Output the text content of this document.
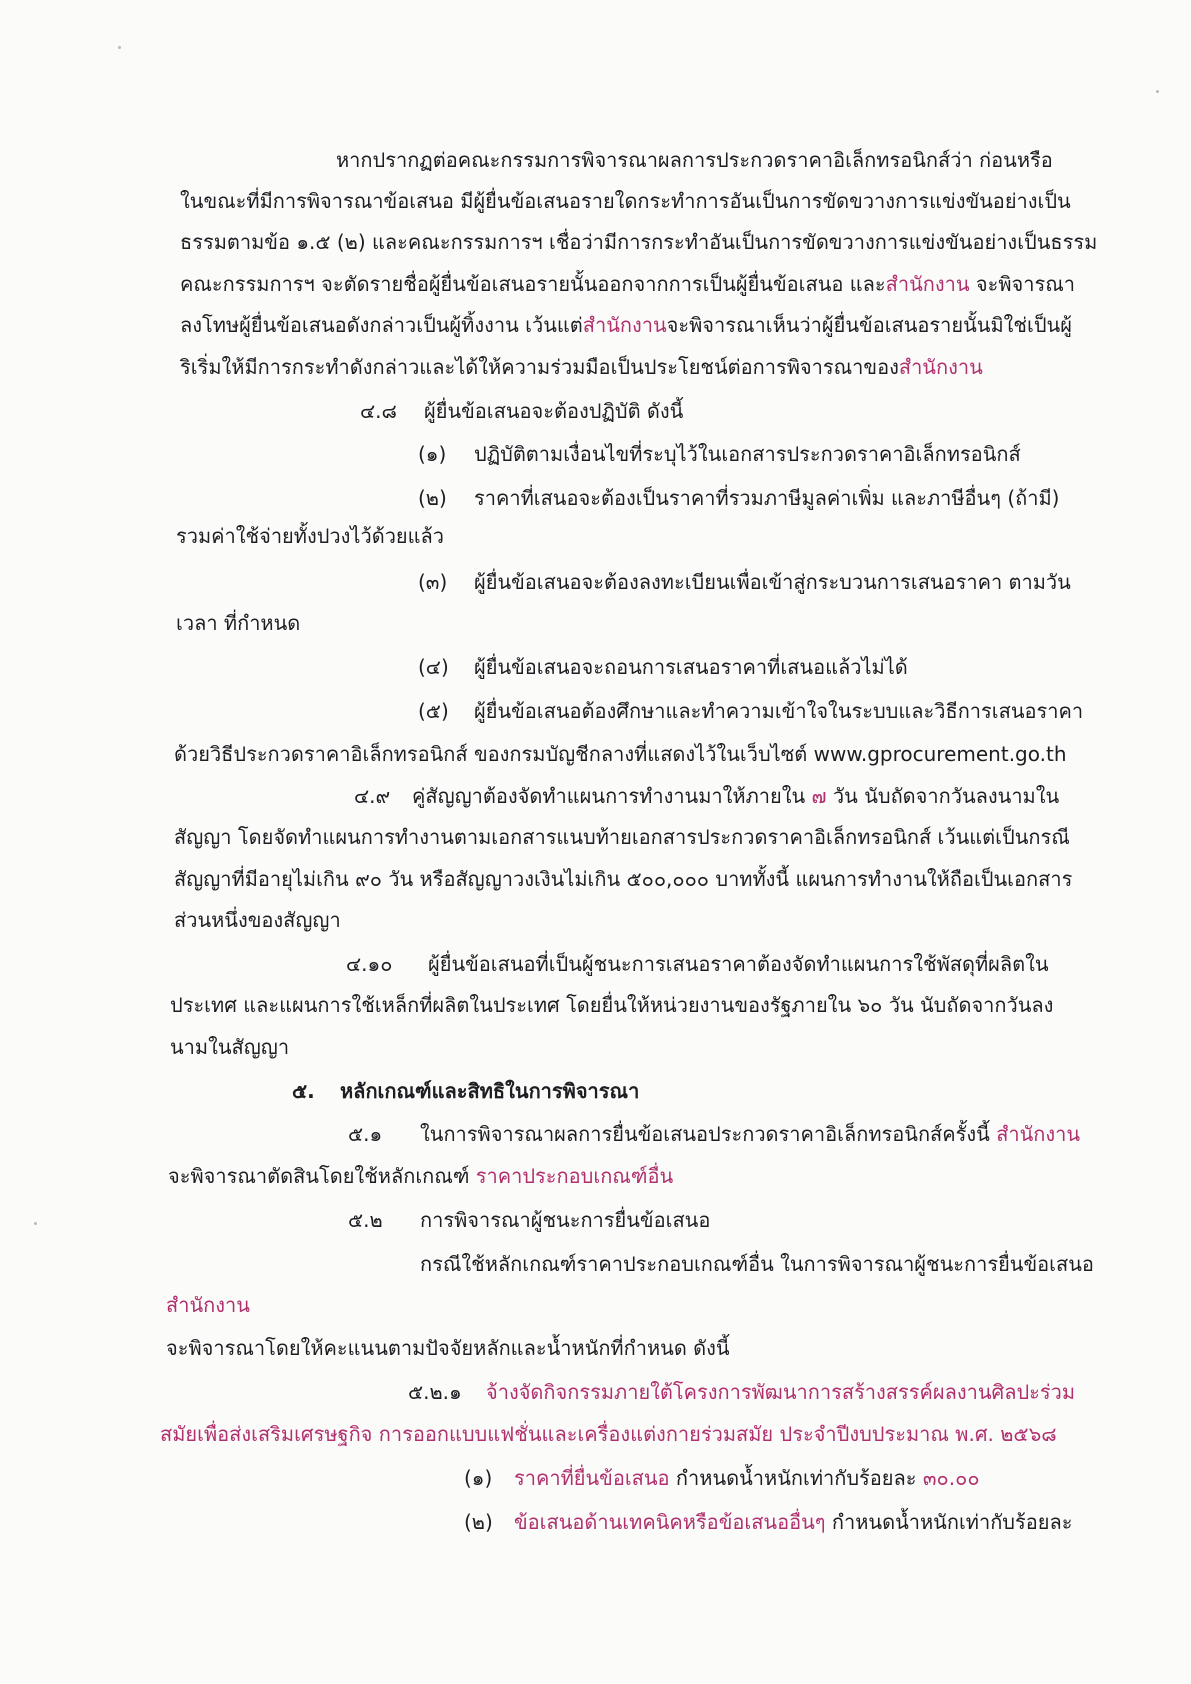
หากปรากฏต่อคณะกรรมการพิจารณาผลการประกวดราคาอิเล็กทรอนิกส์ว่า ก่อนหรือ

ในขณะที่มีการพิจารณาข้อเสนอ มีผู้ยื่นข้อเสนอรายใดกระทำการอันเป็นการขัดขวางการแข่งขันอย่างเป็น

ธรรมตามข้อ ๑.๕ (๒) และคณะกรรมการฯ เชื่อว่ามีการกระทำอันเป็นการขัดขวางการแข่งขันอย่างเป็นธรรม

คณะกรรมการฯ จะตัดรายชื่อผู้ยื่นข้อเสนอรายนั้นออกจากการเป็นผู้ยื่นข้อเสนอ และสำนักงาน จะพิจารณา

ลงโทษผู้ยื่นข้อเสนอดังกล่าวเป็นผู้ทิ้งงาน เว้นแต่สำนักงานจะพิจารณาเห็นว่าผู้ยื่นข้อเสนอรายนั้นมิใช่เป็นผู้

ริเริ่มให้มีการกระทำดังกล่าวและได้ให้ความร่วมมือเป็นประโยชน์ต่อการพิจารณาของสำนักงาน

๔.๘ ผู้ยื่นข้อเสนอจะต้องปฏิบัติ ดังนี้

(๑) ปฏิบัติตามเงื่อนไขที่ระบุไว้ในเอกสารประกวดราคาอิเล็กทรอนิกส์

(๒) ราคาที่เสนอจะต้องเป็นราคาที่รวมภาษีมูลค่าเพิ่ม และภาษีอื่นๆ (ถ้ามี)

รวมค่าใช้จ่ายทั้งปวงไว้ด้วยแล้ว

(๓) ผู้ยื่นข้อเสนอจะต้องลงทะเบียนเพื่อเข้าสู่กระบวนการเสนอราคา ตามวัน

เวลา ที่กำหนด

(๔) ผู้ยื่นข้อเสนอจะถอนการเสนอราคาที่เสนอแล้วไม่ได้

(๕) ผู้ยื่นข้อเสนอต้องศึกษาและทำความเข้าใจในระบบและวิธีการเสนอราคา

ด้วยวิธีประกวดราคาอิเล็กทรอนิกส์ ของกรมบัญชีกลางที่แสดงไว้ในเว็บไซต์ www.gprocurement.go.th

๔.๙ คู่สัญญาต้องจัดทำแผนการทำงานมาให้ภายใน ๗ วัน นับถัดจากวันลงนามใน

สัญญา โดยจัดทำแผนการทำงานตามเอกสารแนบท้ายเอกสารประกวดราคาอิเล็กทรอนิกส์ เว้นแต่เป็นกรณี

สัญญาที่มีอายุไม่เกิน ๙๐ วัน หรือสัญญาวงเงินไม่เกิน ๕๐๐,๐๐๐ บาททั้งนี้ แผนการทำงานให้ถือเป็นเอกสาร

ส่วนหนึ่งของสัญญา

๔.๑๐ ผู้ยื่นข้อเสนอที่เป็นผู้ชนะการเสนอราคาต้องจัดทำแผนการใช้พัสดุที่ผลิตใน

ประเทศ และแผนการใช้เหล็กที่ผลิตในประเทศ โดยยื่นให้หน่วยงานของรัฐภายใน ๖๐ วัน นับถัดจากวันลง

นามในสัญญา

๕. หลักเกณฑ์และสิทธิในการพิจารณา

๕.๑ ในการพิจารณาผลการยื่นข้อเสนอประกวดราคาอิเล็กทรอนิกส์ครั้งนี้ สำนักงาน

จะพิจารณาตัดสินโดยใช้หลักเกณฑ์ ราคาประกอบเกณฑ์อื่น

๕.๒ การพิจารณาผู้ชนะการยื่นข้อเสนอ

กรณีใช้หลักเกณฑ์ราคาประกอบเกณฑ์อื่น ในการพิจารณาผู้ชนะการยื่นข้อเสนอ

สำนักงาน

จะพิจารณาโดยให้คะแนนตามปัจจัยหลักและน้ำหนักที่กำหนด ดังนี้

๕.๒.๑ จ้างจัดกิจกรรมภายใต้โครงการพัฒนาการสร้างสรรค์ผลงานศิลปะร่วม

สมัยเพื่อส่งเสริมเศรษฐกิจ การออกแบบแฟชั่นและเครื่องแต่งกายร่วมสมัย ประจำปีงบประมาณ พ.ศ. ๒๕๖๘

(๑) ราคาที่ยื่นข้อเสนอ กำหนดน้ำหนักเท่ากับร้อยละ ๓๐.๐๐

(๒) ข้อเสนอด้านเทคนิคหรือข้อเสนออื่นๆ กำหนดน้ำหนักเท่ากับร้อยละ
